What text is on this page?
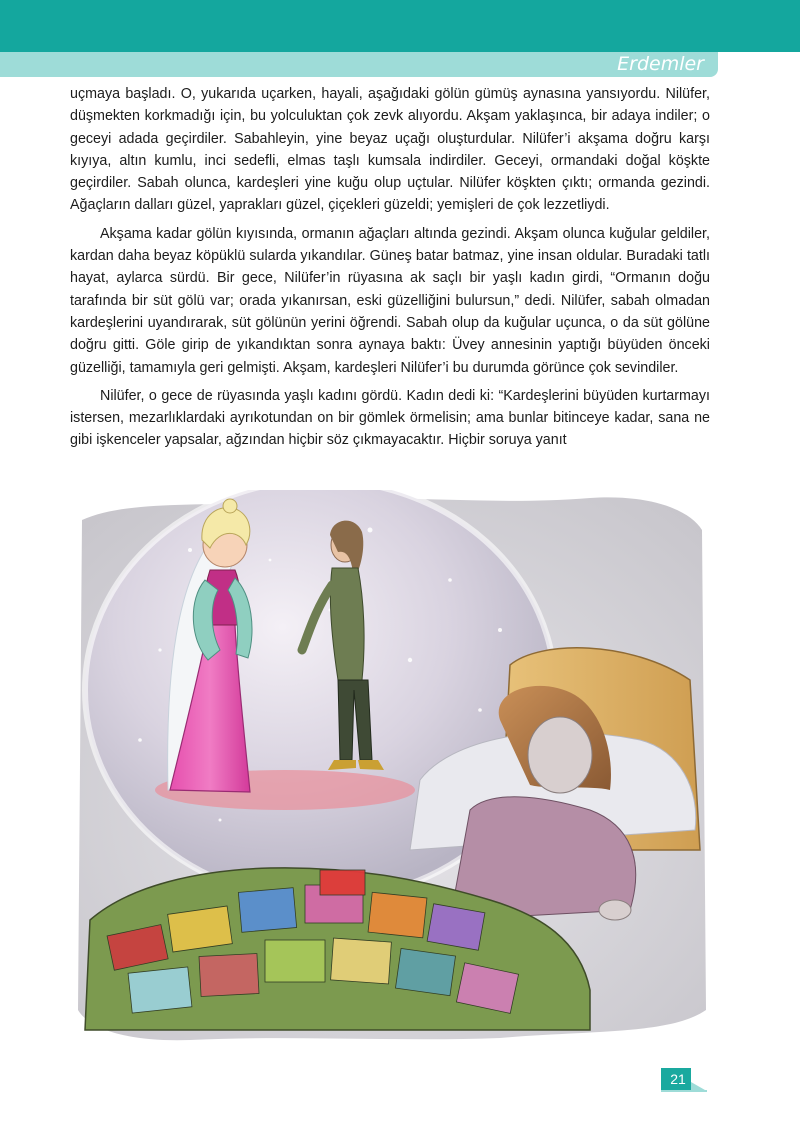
Erdemler

uçmaya başladı. O, yukarıda uçarken, hayali, aşağıdaki gölün gümüş aynasına yansıyordu. Nilüfer, düşmekten korkmadığı için, bu yolculuktan çok zevk alıyordu. Akşam yaklaşınca, bir adaya indiler; o geceyi adada geçirdiler. Sabahleyin, yine beyaz uçağı oluşturdular. Nilüfer’i akşama doğru karşı kıyıya, altın kumlu, inci sedefli, elmas taşlı kumsala indirdiler. Geceyi, ormandaki doğal köşkte geçirdiler. Sabah olunca, kardeşleri yine kuğu olup uçtular. Nilüfer köşkten çıktı; ormanda gezindi. Ağaçların dalları güzel, yaprakları güzel, çiçekleri güzeldi; yemişleri de çok lezzetliydi.

Akşama kadar gölün kıyısında, ormanın ağaçları altında gezindi. Akşam olunca kuğular geldiler, kardan daha beyaz köpüklü sularda yıkandılar. Güneş batar batmaz, yine insan oldular. Buradaki tatlı hayat, aylarca sürdü. Bir gece, Nilüfer’in rüyasına ak saçlı bir yaşlı kadın girdi, “Ormanın doğu tarafında bir süt gölü var; orada yıkanırsan, eski güzelliğini bulursun,” dedi. Nilüfer, sabah olmadan kardeşlerini uyandırarak, süt gölünün yerini öğrendi. Sabah olup da kuğular uçunca, o da süt gölüne doğru gitti. Göle girip de yıkandıktan sonra aynaya baktı: Üvey annesinin yaptığı büyüden önceki güzelliği, tamamıyla geri gelmişti. Akşam, kardeşleri Nilüfer’i bu durumda görünce çok sevindiler.

Nilüfer, o gece de rüyasında yaşlı kadını gördü. Kadın dedi ki: “Kardeşlerini büyüden kurtarmayı istersen, mezarlıklardaki ayrıkotundan on bir gömlek örmelisin; ama bunlar bitinceye kadar, sana ne gibi işkenceler yapsalar, ağzından hiçbir söz çıkmayacaktır. Hiçbir soruya yanıt

21
